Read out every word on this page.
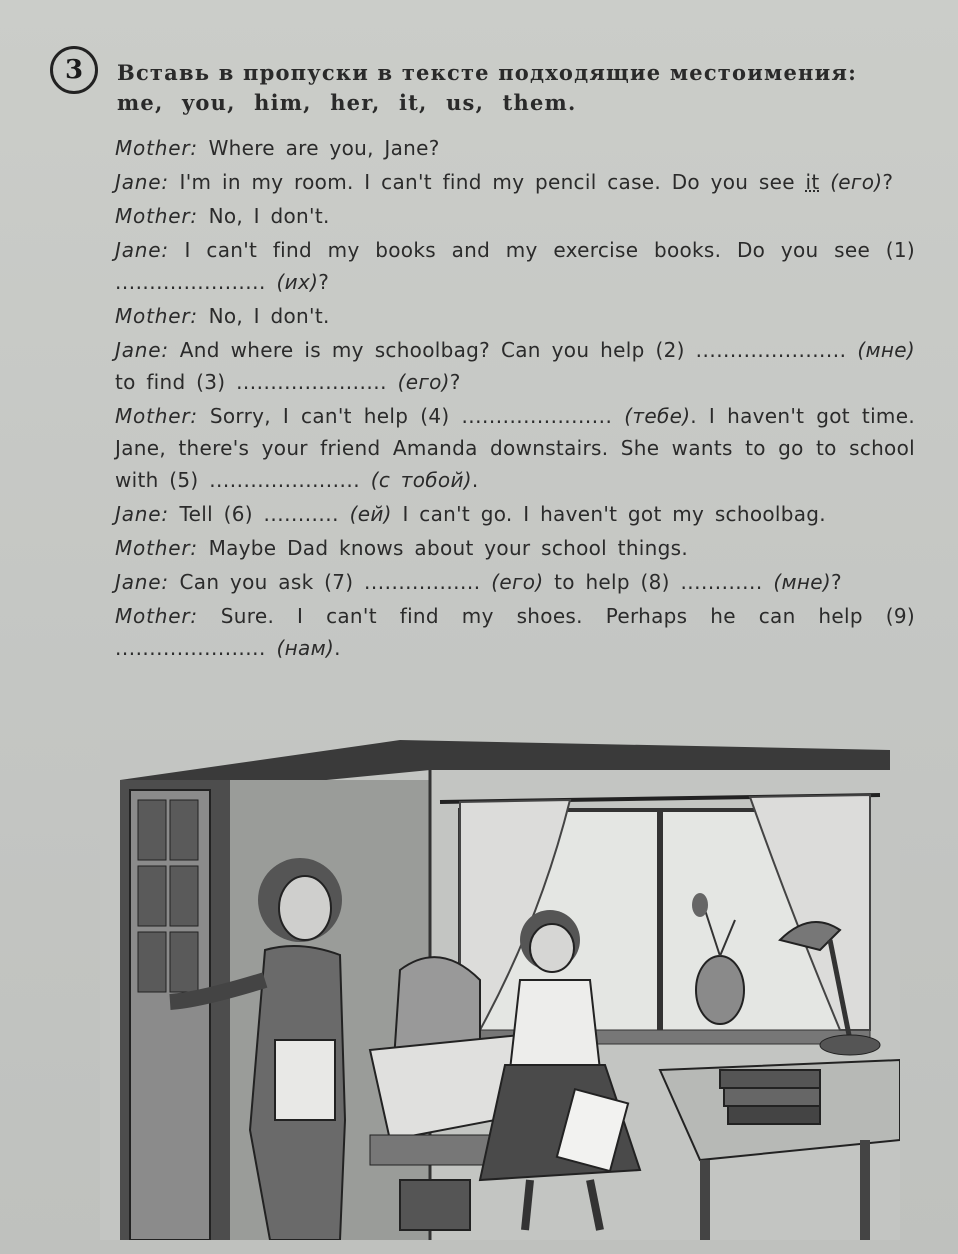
3	Вставь в пропуски в тексте подходящие местоимения:
me, you, him, her, it, us, them.
Mother: Where are you, Jane?
Jane: I'm in my room. I can't find my pencil case. Do you see it (его)?
Mother: No, I don't.
Jane: I can't find my books and my exercise books. Do you see (1) ...................... (их)?
Mother: No, I don't.
Jane: And where is my schoolbag? Can you help (2) ...................... (мне) to find (3) ...................... (его)?
Mother: Sorry, I can't help (4) ...................... (тебе). I haven't got time. Jane, there's your friend Amanda downstairs. She wants to go to school with (5) ...................... (с тобой).
Jane: Tell (6) ........... (ей) I can't go. I haven't got my schoolbag.
Mother: Maybe Dad knows about your school things.
Jane: Can you ask (7) ................. (его) to help (8) ............ (мне)?
Mother: Sure. I can't find my shoes. Perhaps he can help (9) ...................... (нам).
